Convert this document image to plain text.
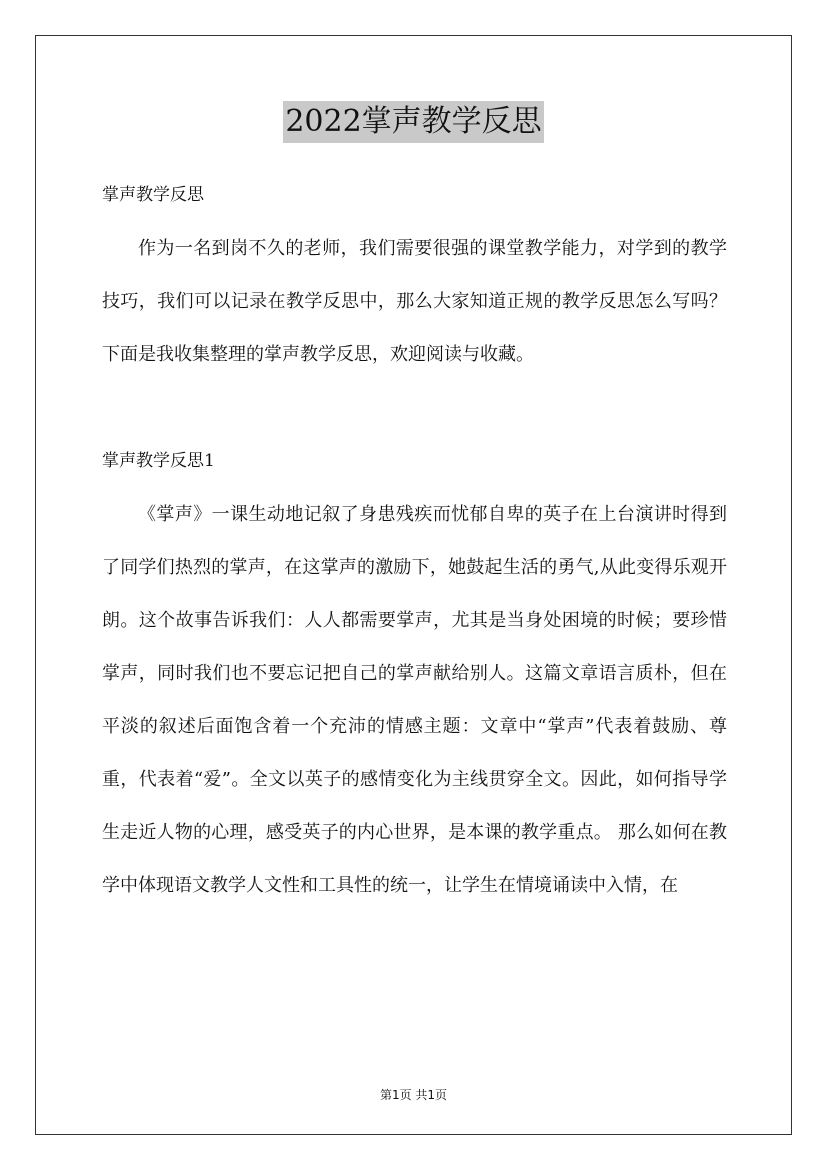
2022掌声教学反思

掌声教学反思

作为一名到岗不久的老师，我们需要很强的课堂教学能力，对学到的教学技巧，我们可以记录在教学反思中，那么大家知道正规的教学反思怎么写吗？下面是我收集整理的掌声教学反思，欢迎阅读与收藏。

掌声教学反思1

《掌声》一课生动地记叙了身患残疾而忧郁自卑的英子在上台演讲时得到了同学们热烈的掌声，在这掌声的激励下，她鼓起生活的勇气,从此变得乐观开朗。这个故事告诉我们：人人都需要掌声，尤其是当身处困境的时候；要珍惜掌声，同时我们也不要忘记把自己的掌声献给别人。这篇文章语言质朴，但在平淡的叙述后面饱含着一个充沛的情感主题：文章中“掌声”代表着鼓励、尊重，代表着“爱”。全文以英子的感情变化为主线贯穿全文。因此，如何指导学生走近人物的心理，感受英子的内心世界，是本课的教学重点。 那么如何在教学中体现语文教学人文性和工具性的统一，让学生在情境诵读中入情，在

第1页 共1页
